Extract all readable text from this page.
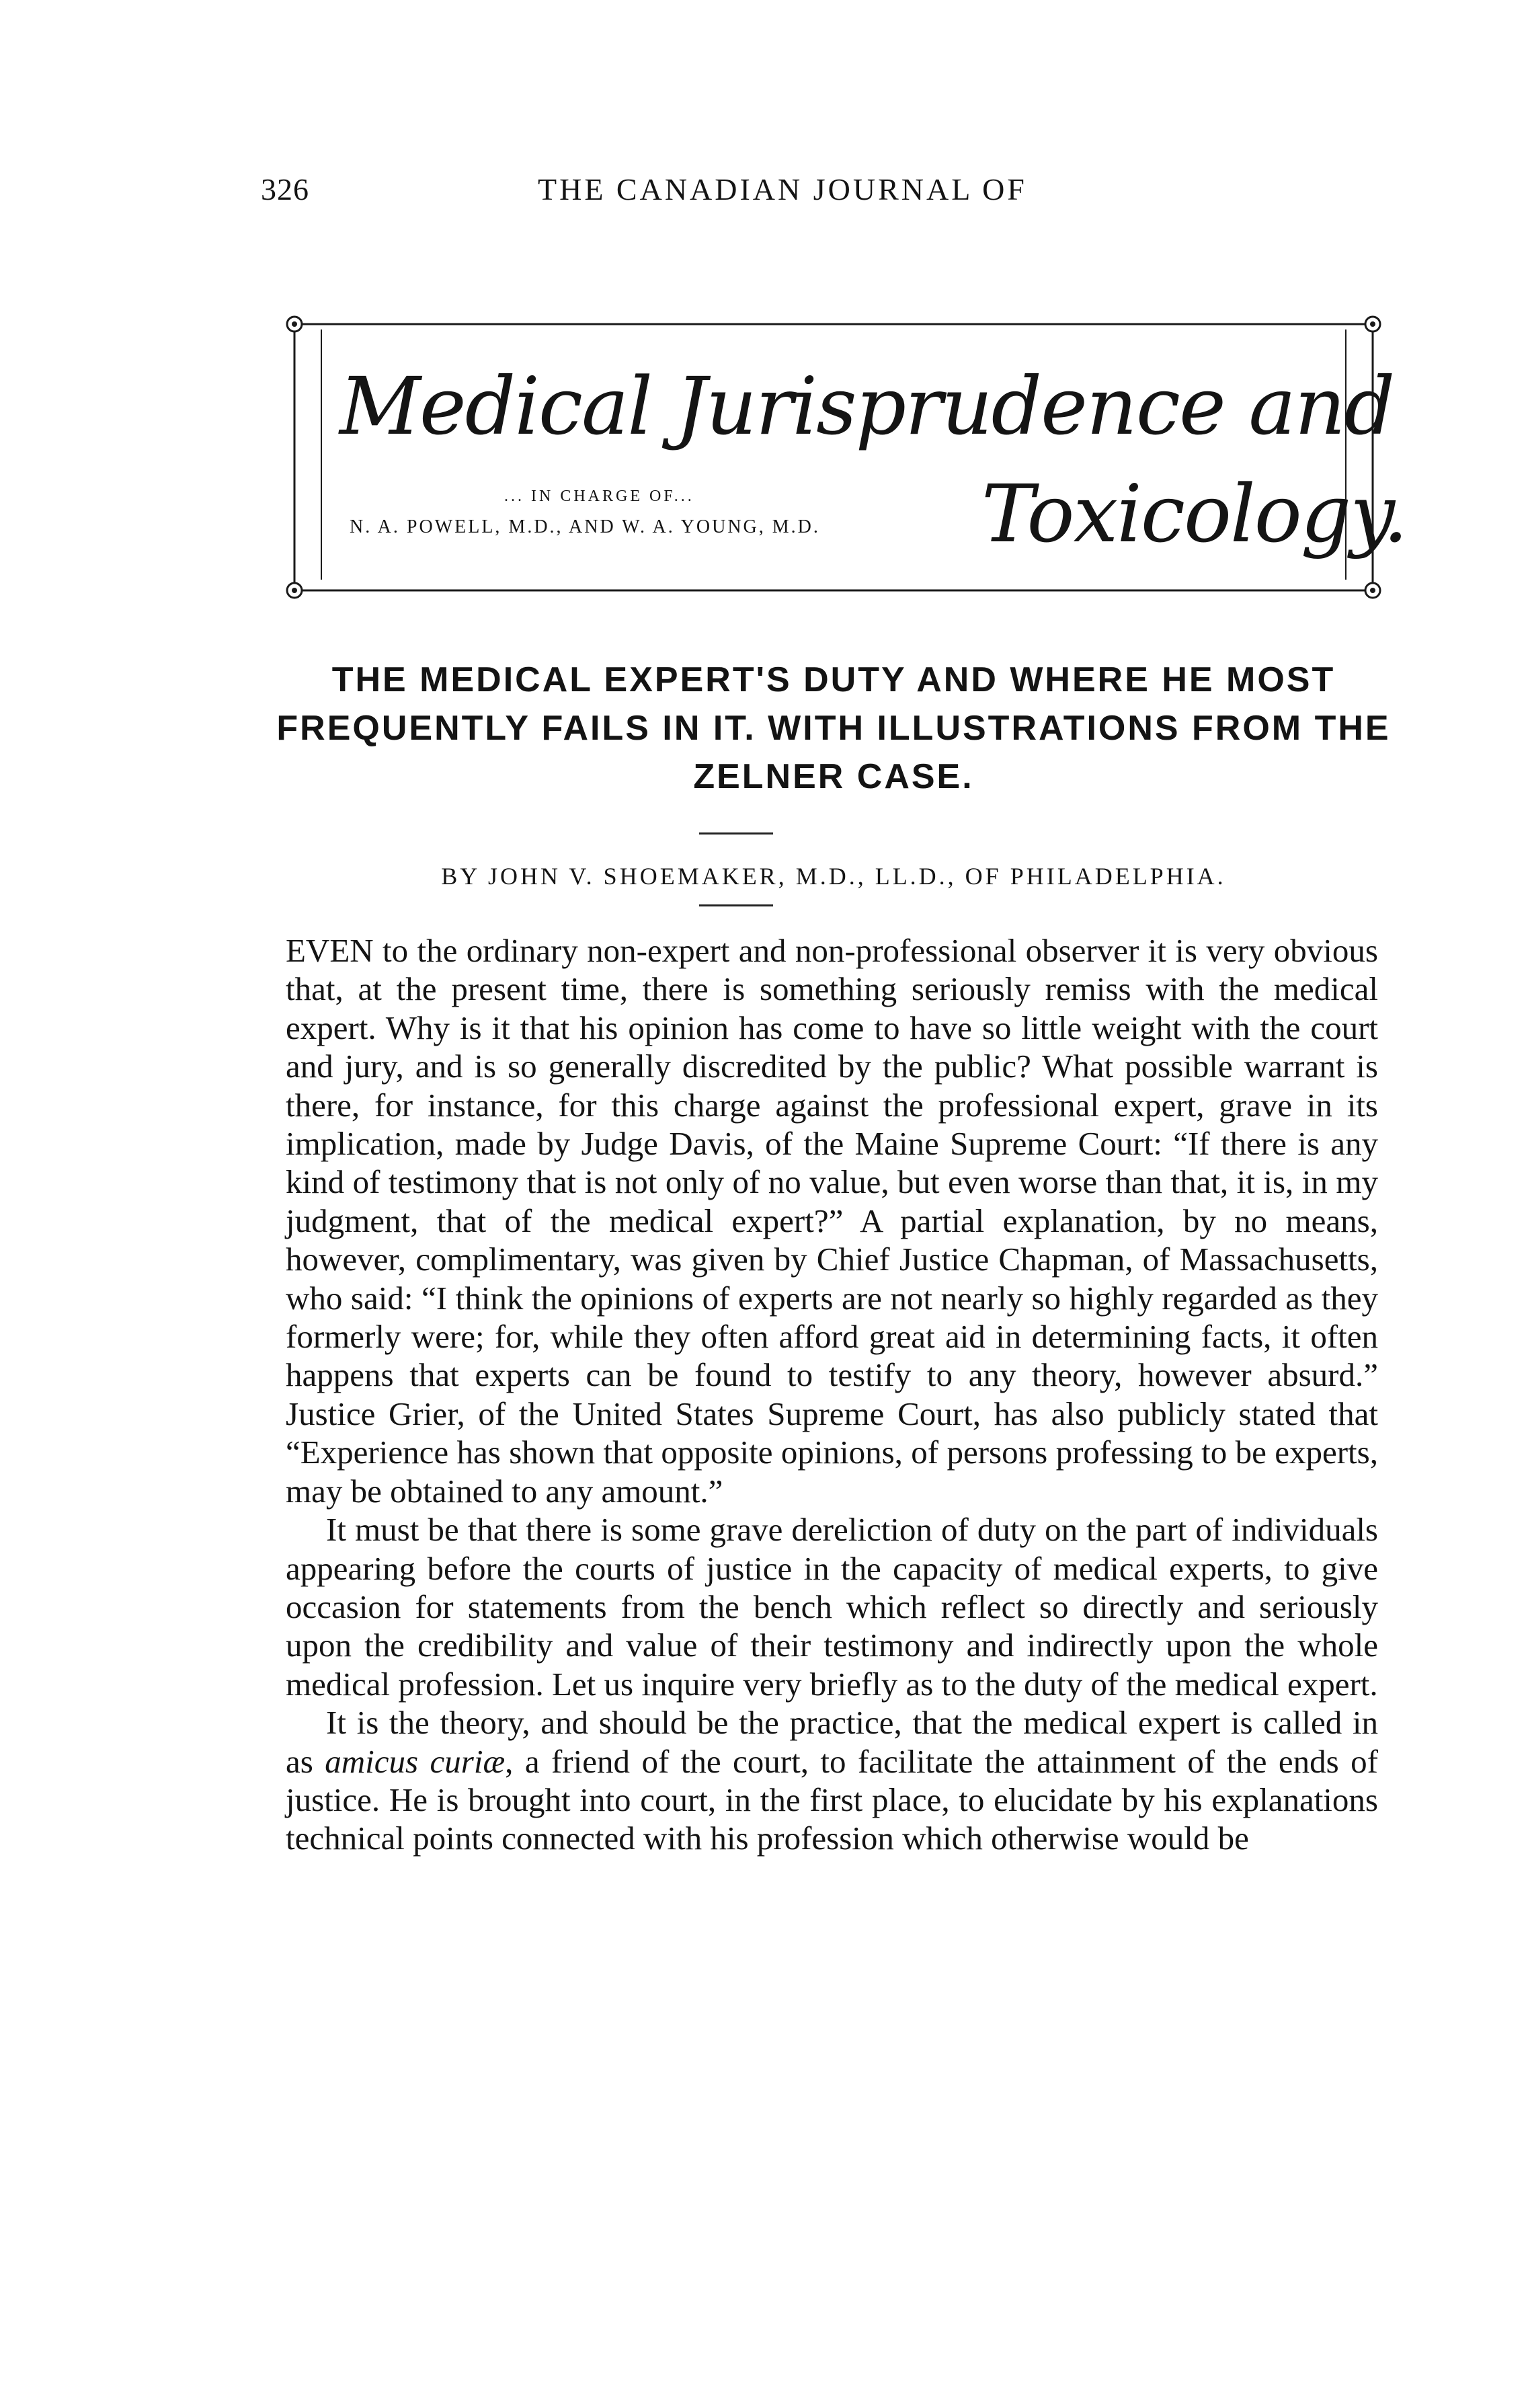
326	THE CANADIAN JOURNAL OF
Medical Jurisprudence and
... IN CHARGE OF...
N. A. POWELL, M.D., AND W. A. YOUNG, M.D. Toxicology.
THE MEDICAL EXPERT'S DUTY AND WHERE HE MOST FREQUENTLY FAILS IN IT. WITH ILLUSTRATIONS FROM THE ZELNER CASE.
BY JOHN V. SHOEMAKER, M.D., LL.D., OF PHILADELPHIA.

EVEN to the ordinary non-expert and non-professional observer it is very obvious that, at the present time, there is something seriously remiss with the medical expert. Why is it that his opinion has come to have so little weight with the court and jury, and is so generally discredited by the public? What possible warrant is there, for instance, for this charge against the professional expert, grave in its implication, made by Judge Davis, of the Maine Supreme Court: “If there is any kind of testimony that is not only of no value, but even worse than that, it is, in my judgment, that of the medical expert?” A partial explanation, by no means, however, complimentary, was given by Chief Justice Chapman, of Massachusetts, who said: “I think the opinions of experts are not nearly so highly regarded as they formerly were; for, while they often afford great aid in determining facts, it often happens that experts can be found to testify to any theory, however absurd.” Justice Grier, of the United States Supreme Court, has also publicly stated that “Experience has shown that opposite opinions, of persons professing to be experts, may be obtained to any amount.”

It must be that there is some grave dereliction of duty on the part of individuals appearing before the courts of justice in the capacity of medical experts, to give occasion for statements from the bench which reflect so directly and seriously upon the credibility and value of their testimony and indirectly upon the whole medical profession. Let us inquire very briefly as to the duty of the medical expert.

It is the theory, and should be the practice, that the medical expert is called in as amicus curiæ, a friend of the court, to facilitate the attainment of the ends of justice. He is brought into court, in the first place, to elucidate by his explanations technical points connected with his profession which otherwise would be
